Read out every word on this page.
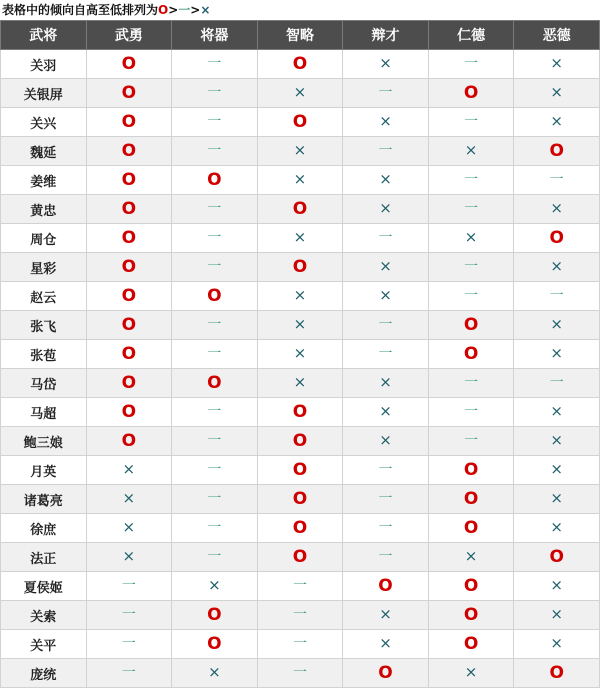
表格中的倾向自高至低排列为O>一>×
武将	武勇	将器	智略	辩才	仁德	恶德
关羽	O	一	O	×	一	×
关银屏	O	一	×	一	O	×
关兴	O	一	O	×	一	×
魏延	O	一	×	一	×	O
姜维	O	O	×	×	一	一
黄忠	O	一	O	×	一	×
周仓	O	一	×	一	×	O
星彩	O	一	O	×	一	×
赵云	O	O	×	×	一	一
张飞	O	一	×	一	O	×
张苞	O	一	×	一	O	×
马岱	O	O	×	×	一	一
马超	O	一	O	×	一	×
鲍三娘	O	一	O	×	一	×
月英	×	一	O	一	O	×
诸葛亮	×	一	O	一	O	×
徐庶	×	一	O	一	O	×
法正	×	一	O	一	×	O
夏侯姬	一	×	一	O	O	×
关索	一	O	一	×	O	×
关平	一	O	一	×	O	×
庞统	一	×	一	O	×	O
